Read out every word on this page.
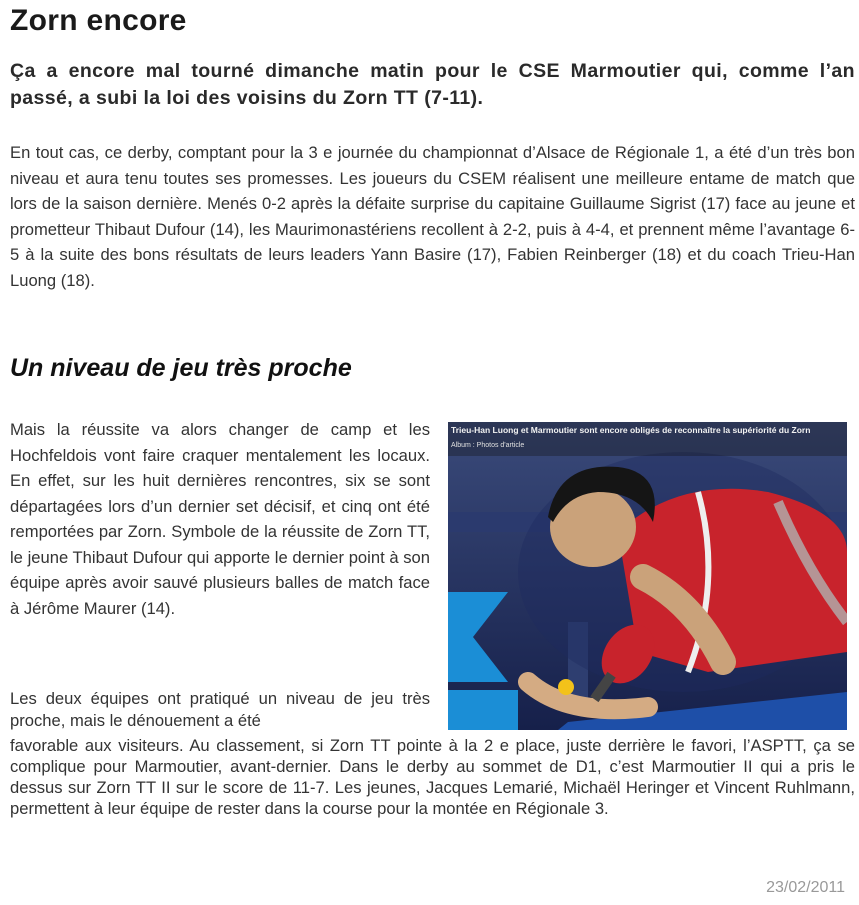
Zorn encore

Ça a encore mal tourné dimanche matin pour le CSE Marmoutier qui, comme l’an passé, a subi la loi des voisins du Zorn TT (7-11).

En tout cas, ce derby, comptant pour la 3 e journée du championnat d’Alsace de Régionale 1, a été d’un très bon niveau et aura tenu toutes ses promesses. Les joueurs du CSEM réalisent une meilleure entame de match que lors de la saison dernière. Menés 0-2 après la défaite surprise du capitaine Guillaume Sigrist (17) face au jeune et prometteur Thibaut Dufour (14), les Maurimonastériens recollent à 2-2, puis à 4-4, et prennent même l’avantage 6-5 à la suite des bons résultats de leurs leaders Yann Basire (17), Fabien Reinberger (18) et du coach Trieu-Han Luong (18).

Un niveau de jeu très proche

Mais la réussite va alors changer de camp et les Hochfeldois vont faire craquer mentalement les locaux. En effet, sur les huit dernières rencontres, six se sont départagées lors d’un dernier set décisif, et cinq ont été remportées par Zorn. Symbole de la réussite de Zorn TT, le jeune Thibaut Dufour qui apporte le dernier point à son équipe après avoir sauvé plusieurs balles de match face à Jérôme Maurer (14).

Trieu-Han Luong et Marmoutier sont encore obligés de reconnaître la supériorité du Zorn
Album : Photos d'article

Les deux équipes ont pratiqué un niveau de jeu très proche, mais le dénouement a été

favorable aux visiteurs. Au classement, si Zorn TT pointe à la 2 e place, juste derrière le favori, l’ASPTT, ça se complique pour Marmoutier, avant-dernier. Dans le derby au sommet de D1, c’est Marmoutier II qui a pris le dessus sur Zorn TT II sur le score de 11-7. Les jeunes, Jacques Lemarié, Michaël Heringer et Vincent Ruhlmann, permettent à leur équipe de rester dans la course pour la montée en Régionale 3.

23/02/2011
